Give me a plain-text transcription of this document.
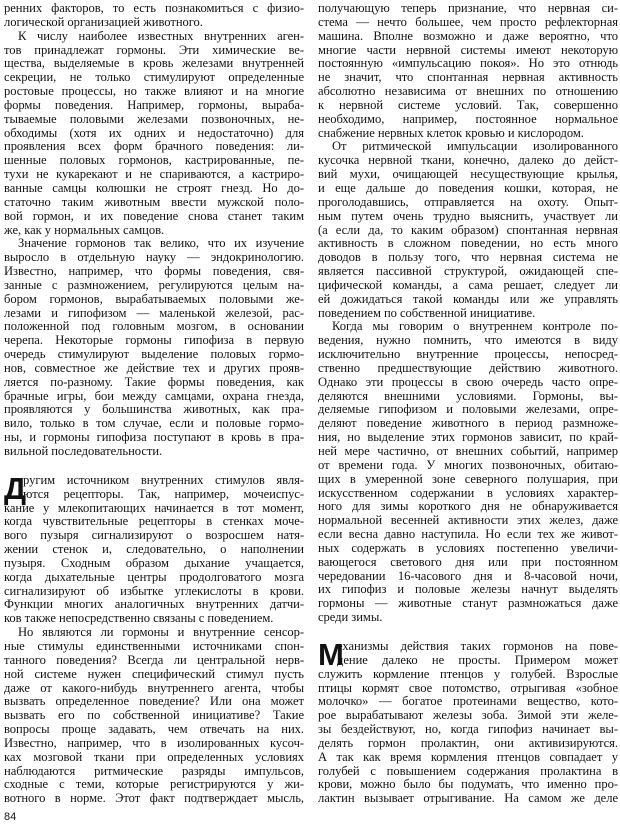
ренних факторов, то есть познакомиться с физио-
логической организацией животного.
К числу наиболее известных внутренних аген-
тов принадлежат гормоны. Эти химические ве-
щества, выделяемые в кровь железами внутренней
секреции, не только стимулируют определенные
ростовые процессы, но также влияют и на многие
формы поведения. Например, гормоны, выраба-
тываемые половыми железами позвоночных, не-
обходимы (хотя их одних и недостаточно) для
проявления всех форм брачного поведения: ли-
шенные половых гормонов, кастрированные, пе-
тухи не кукарекают и не спариваются, а кастриро-
ванные самцы колюшки не строят гнезд. Но до-
статочно таким животным ввести мужской поло-
вой гормон, и их поведение снова станет таким
же, как у нормальных самцов.
Значение гормонов так велико, что их изучение
выросло в отдельную науку — эндокринологию.
Известно, например, что формы поведения, свя-
занные с размножением, регулируются целым на-
бором гормонов, вырабатываемых половыми же-
лезами и гипофизом — маленькой железой, рас-
положенной под головным мозгом, в основании
черепа. Некоторые гормоны гипофиза в первую
очередь стимулируют выделение половых гормо-
нов, совместное же действие тех и других прояв-
ляется по-разному. Такие формы поведения, как
брачные игры, бои между самцами, охрана гнезда,
проявляются у большинства животных, как пра-
вило, только в том случае, если и половые гормо-
ны, и гормоны гипофиза поступают в кровь в пра-
вильной последовательности.
Д
ругим источником внутренних стимулов явля-
ются рецепторы. Так, например, мочеиспус-
кание у млекопитающих начинается в тот момент,
когда чувствительные рецепторы в стенках моче-
вого пузыря сигнализируют о возросшем натя-
жении стенок и, следовательно, о наполнении
пузыря. Сходным образом дыхание учащается,
когда дыхательные центры продолговатого мозга
сигнализируют об избытке углекислоты в крови.
Функции многих аналогичных внутренних датчи-
ков также непосредственно связаны с поведением.
Но являются ли гормоны и внутренние сенсор-
ные стимулы единственными источниками спон-
танного поведения? Всегда ли центральной нерв-
ной системе нужен специфический стимул пусть
даже от какого-нибудь внутреннего агента, чтобы
вызвать определенное поведение? Или она может
вызвать его по собственной инициативе? Такие
вопросы проще задавать, чем отвечать на них.
Известно, например, что в изолированных кусоч-
ках мозговой ткани при определенных условиях
наблюдаются ритмические разряды импульсов,
сходные с теми, которые регистрируются у жи-
вотного в норме. Этот факт подтверждает мысль,
получающую теперь признание, что нервная си-
стема — нечто большее, чем просто рефлекторная
машина. Вполне возможно и даже вероятно, что
многие части нервной системы имеют некоторую
постоянную «импульсацию покоя». Но это отнюдь
не значит, что спонтанная нервная активность
абсолютно независима от внешних по отношению
к нервной системе условий. Так, совершенно
необходимо, например, постоянное нормальное
снабжение нервных клеток кровью и кислородом.
От ритмической импульсации изолированного
кусочка нервной ткани, конечно, далеко до дейст-
вий мухи, очищающей несуществующие крылья,
и еще дальше до поведения кошки, которая, не
проголодавшись, отправляется на охоту. Опыт-
ным путем очень трудно выяснить, участвует ли
(а если да, то каким образом) спонтанная нервная
активность в сложном поведении, но есть много
доводов в пользу того, что нервная система не
является пассивной структурой, ожидающей спе-
цифической команды, а сама решает, следует ли
ей дожидаться такой команды или же управлять
поведением по собственной инициативе.
Когда мы говорим о внутреннем контроле по-
ведения, нужно помнить, что имеются в виду
исключительно внутренние процессы, непосред-
ственно предшествующие действию животного.
Однако эти процессы в свою очередь часто опре-
деляются внешними условиями. Гормоны, вы-
деляемые гипофизом и половыми железами, опре-
деляют поведение животного в период размноже-
ния, но выделение этих гормонов зависит, по край-
ней мере частично, от внешних событий, например
от времени года. У многих позвоночных, обитаю-
щих в умеренной зоне северного полушария, при
искусственном содержании в условиях характер-
ного для зимы короткого дня не обнаруживается
нормальной весенней активности этих желез, даже
если весна давно наступила. Но если тех же живот-
ных содержать в условиях постепенно увеличи-
вающегося светового дня или при постоянном
чередовании 16-часового дня и 8-часовой ночи,
их гипофиз и половые железы начнут выделять
гормоны — животные станут размножаться даже
среди зимы.
М
еханизмы действия таких гормонов на пове-
дение далеко не просты. Примером может
служить кормление птенцов у голубей. Взрослые
птицы кормят свое потомство, отрыгивая «зобное
молочко» — богатое протеинами вещество, кото-
рое вырабатывают железы зоба. Зимой эти желе-
зы бездействуют, но, когда гипофиз начинает вы-
делять гормон пролактин, они активизируются.
А так как время кормления птенцов совпадает у
голубей с повышением содержания пролактина в
крови, можно было бы подумать, что именно про-
лактин вызывает отрыгивание. На самом же деле
84
